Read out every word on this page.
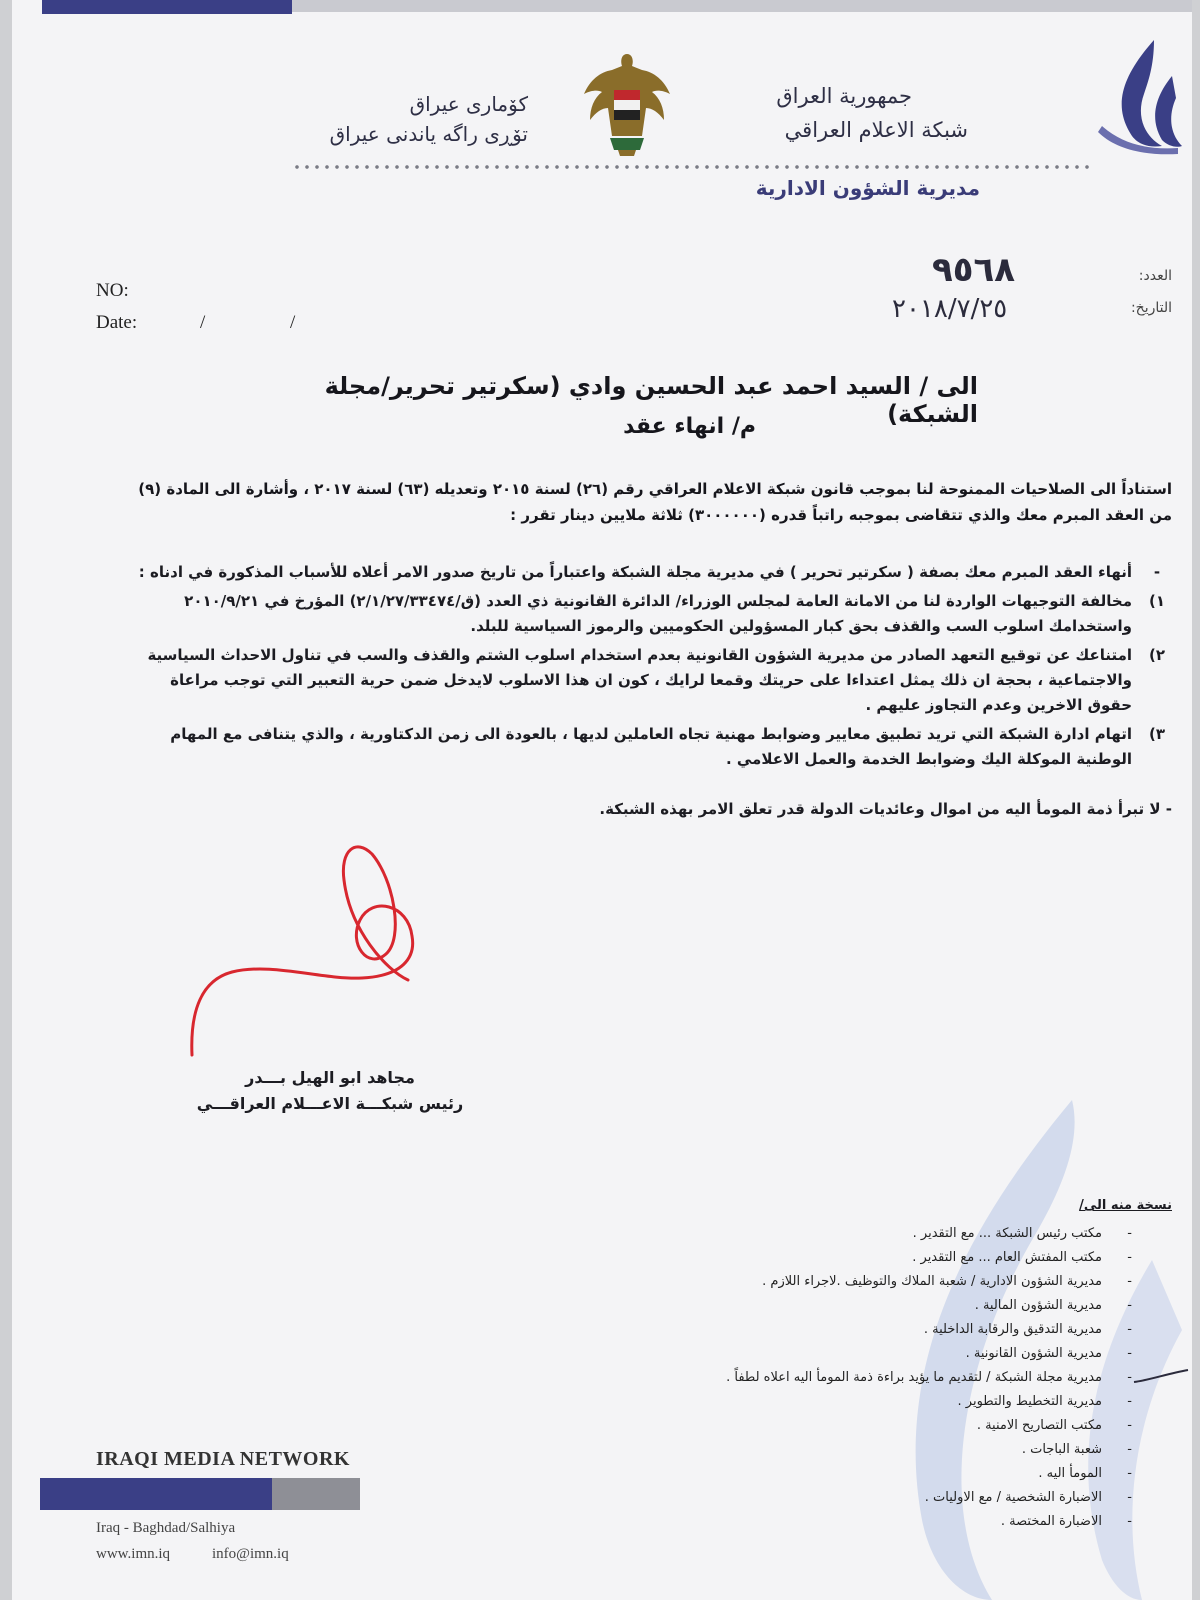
جمهورية العراق
شبكة الاعلام العراقي
كۆماری عیراق
تۆڕی راگه یاندنی عیراق
مديرية الشؤون الادارية
NO:
Date:	/ /
العدد:
التاريخ:
٩٥٦٨
٢٠١٨/٧/٢٥
الى / السيد احمد عبد الحسين وادي (سكرتير تحرير/مجلة الشبكة)
م/ انهاء عقد
استناداً الى الصلاحيات الممنوحة لنا بموجب قانون شبكة الاعلام العراقي رقم (٢٦) لسنة ٢٠١٥ وتعديله (٦٣) لسنة ٢٠١٧ ، وأشارة الى المادة (٩) من العقد المبرم معك والذي تتقاضى بموجبه راتباً قدره (٣٠٠٠٠٠٠) ثلاثة ملايين دينار تقرر :
-
أنهاء العقد المبرم معك بصفة ( سكرتير تحرير ) في مديرية مجلة الشبكة واعتباراً من تاريخ صدور الامر أعلاه للأسباب المذكورة في ادناه :
١)
مخالفة التوجيهات الواردة لنا من الامانة العامة لمجلس الوزراء/ الدائرة القانونية ذي العدد (ق/٢/١/٢٧/٣٣٤٧٤) المؤرخ في ٢٠١٠/٩/٢١ واستخدامك اسلوب السب والقذف بحق كبار المسؤولين الحكوميين والرموز السياسية للبلد.
٢)
امتناعك عن توقيع التعهد الصادر من مديرية الشؤون القانونية بعدم استخدام اسلوب الشتم والقذف والسب في تناول الاحداث السياسية والاجتماعية ، بحجة ان ذلك يمثل اعتداءا على حريتك وقمعا لرايك ، كون ان هذا الاسلوب لايدخل ضمن حرية التعبير التي توجب مراعاة حقوق الاخرين وعدم التجاوز عليهم .
٣)
اتهام ادارة الشبكة التي تريد تطبيق معايير وضوابط مهنية تجاه العاملين لديها ، بالعودة الى زمن الدكتاورية ، والذي يتنافى مع المهام الوطنية الموكلة اليك وضوابط الخدمة والعمل الاعلامي .
- لا تبرأ ذمة المومأ اليه من اموال وعائديات الدولة قدر تعلق الامر بهذه الشبكة.
مجاهد ابو الهيل بـــدر
رئيس شبكـــة الاعـــلام العراقـــي
نسخة منه الى/
-
مكتب رئيس الشبكة ... مع التقدير .
-
مكتب المفتش العام ... مع التقدير .
-
مديرية الشؤون الادارية / شعبة الملاك والتوظيف .لاجراء اللازم .
-
مديرية الشؤون المالية .
-
مديرية التدقيق والرقابة الداخلية .
-
مديرية الشؤون القانونية .
-
مديرية مجلة الشبكة / لتقديم ما يؤيد براءة ذمة المومأ اليه اعلاه لطفاً .
-
مديرية التخطيط والتطوير .
-
مكتب التصاريح الامنية .
-
شعبة الباجات .
-
المومأ اليه .
-
الاضبارة الشخصية / مع الاوليات .
-
الاضبارة المختصة .
IRAQI MEDIA NETWORK
Iraq - Baghdad/Salhiya
www.imn.iq	info@imn.iq
